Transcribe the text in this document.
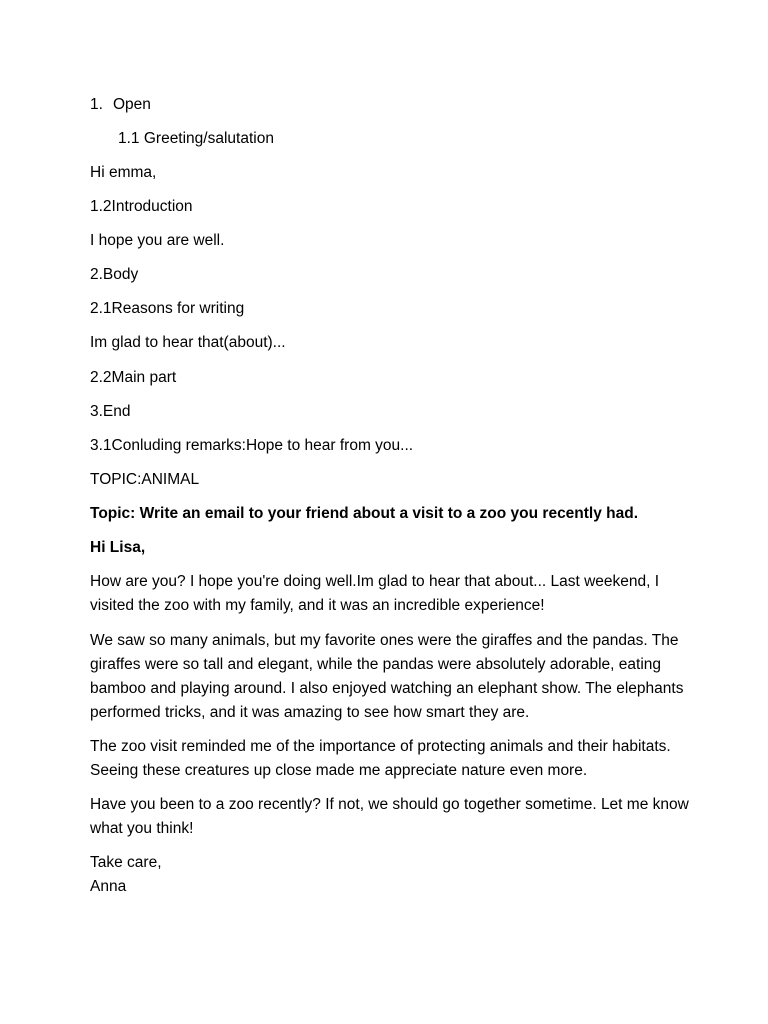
1. Open
1.1 Greeting/salutation
Hi emma,
1.2Introduction
I hope you are well.
2.Body
2.1Reasons for writing
Im glad to hear that(about)...
2.2Main part
3.End
3.1Conluding remarks:Hope to hear from you...
TOPIC:ANIMAL
Topic: Write an email to your friend about a visit to a zoo you recently had.
Hi Lisa,
How are you? I hope you're doing well.Im glad to hear that about... Last weekend, I visited the zoo with my family, and it was an incredible experience!
We saw so many animals, but my favorite ones were the giraffes and the pandas. The giraffes were so tall and elegant, while the pandas were absolutely adorable, eating bamboo and playing around. I also enjoyed watching an elephant show. The elephants performed tricks, and it was amazing to see how smart they are.
The zoo visit reminded me of the importance of protecting animals and their habitats. Seeing these creatures up close made me appreciate nature even more.
Have you been to a zoo recently? If not, we should go together sometime. Let me know what you think!
Take care,
Anna
